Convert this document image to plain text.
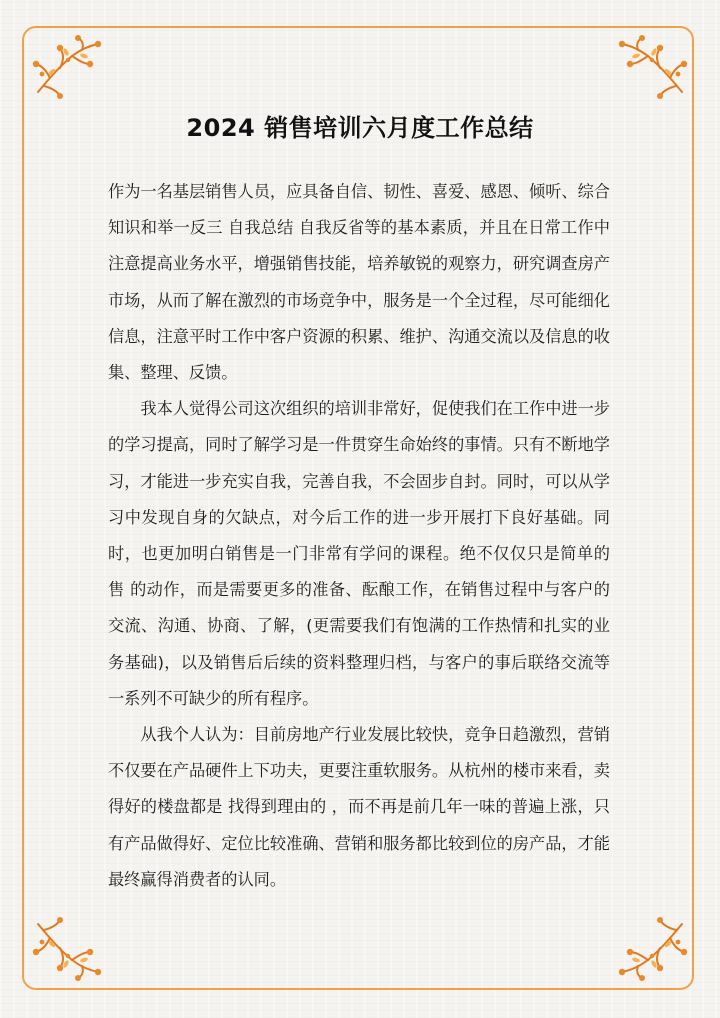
2024 销售培训六月度工作总结

作为一名基层销售人员，应具备自信、韧性、喜爱、感恩、倾听、综合知识和举一反三 自我总结 自我反省等的基本素质，并且在日常工作中注意提高业务水平，增强销售技能，培养敏锐的观察力，研究调查房产市场，从而了解在激烈的市场竞争中，服务是一个全过程，尽可能细化信息，注意平时工作中客户资源的积累、维护、沟通交流以及信息的收集、整理、反馈。

我本人觉得公司这次组织的培训非常好，促使我们在工作中进一步的学习提高，同时了解学习是一件贯穿生命始终的事情。只有不断地学习，才能进一步充实自我，完善自我，不会固步自封。同时，可以从学习中发现自身的欠缺点，对今后工作的进一步开展打下良好基础。同时，也更加明白销售是一门非常有学问的课程。绝不仅仅只是简单的 售 的动作，而是需要更多的准备、酝酿工作，在销售过程中与客户的交流、沟通、协商、了解，(更需要我们有饱满的工作热情和扎实的业务基础)，以及销售后后续的资料整理归档，与客户的事后联络交流等一系列不可缺少的所有程序。

从我个人认为：目前房地产行业发展比较快，竞争日趋激烈，营销不仅要在产品硬件上下功夫，更要注重软服务。从杭州的楼市来看，卖得好的楼盘都是 找得到理由的 ，而不再是前几年一味的普遍上涨，只有产品做得好、定位比较准确、营销和服务都比较到位的房产品，才能最终赢得消费者的认同。
